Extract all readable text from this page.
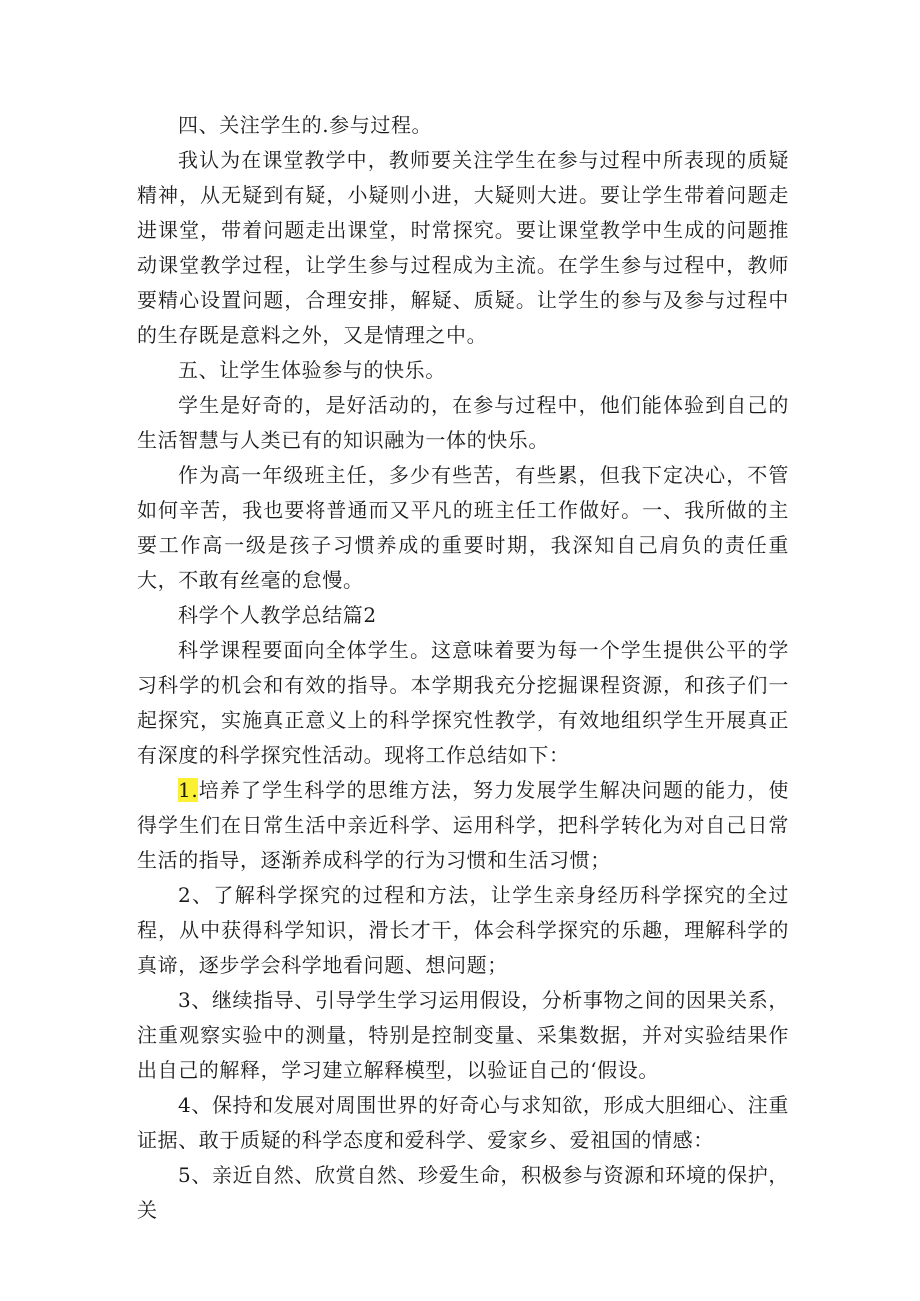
四、关注学生的.参与过程。

我认为在课堂教学中，教师要关注学生在参与过程中所表现的质疑精神，从无疑到有疑，小疑则小进，大疑则大进。要让学生带着问题走进课堂，带着问题走出课堂，时常探究。要让课堂教学中生成的问题推动课堂教学过程，让学生参与过程成为主流。在学生参与过程中，教师要精心设置问题，合理安排，解疑、质疑。让学生的参与及参与过程中的生存既是意料之外，又是情理之中。

五、让学生体验参与的快乐。

学生是好奇的，是好活动的，在参与过程中，他们能体验到自己的生活智慧与人类已有的知识融为一体的快乐。

作为高一年级班主任，多少有些苦，有些累，但我下定决心，不管如何辛苦，我也要将普通而又平凡的班主任工作做好。一、我所做的主要工作高一级是孩子习惯养成的重要时期，我深知自己肩负的责任重大，不敢有丝毫的怠慢。

科学个人教学总结篇2

科学课程要面向全体学生。这意味着要为每一个学生提供公平的学习科学的机会和有效的指导。本学期我充分挖掘课程资源，和孩子们一起探究，实施真正意义上的科学探究性教学，有效地组织学生开展真正有深度的科学探究性活动。现将工作总结如下：

1.培养了学生科学的思维方法，努力发展学生解决问题的能力，使得学生们在日常生活中亲近科学、运用科学，把科学转化为对自己日常生活的指导，逐渐养成科学的行为习惯和生活习惯；

2、了解科学探究的过程和方法，让学生亲身经历科学探究的全过程，从中获得科学知识，滑长才干，体会科学探究的乐趣，理解科学的真谛，逐步学会科学地看问题、想问题；

3、继续指导、引导学生学习运用假设，分析事物之间的因果关系，注重观察实验中的测量，特别是控制变量、采集数据，并对实验结果作出自己的解释，学习建立解释模型，以验证自己的‘假设。

4、保持和发展对周围世界的好奇心与求知欲，形成大胆细心、注重证据、敢于质疑的科学态度和爱科学、爱家乡、爱祖国的情感：

5、亲近自然、欣赏自然、珍爱生命，积极参与资源和环境的保护，关
